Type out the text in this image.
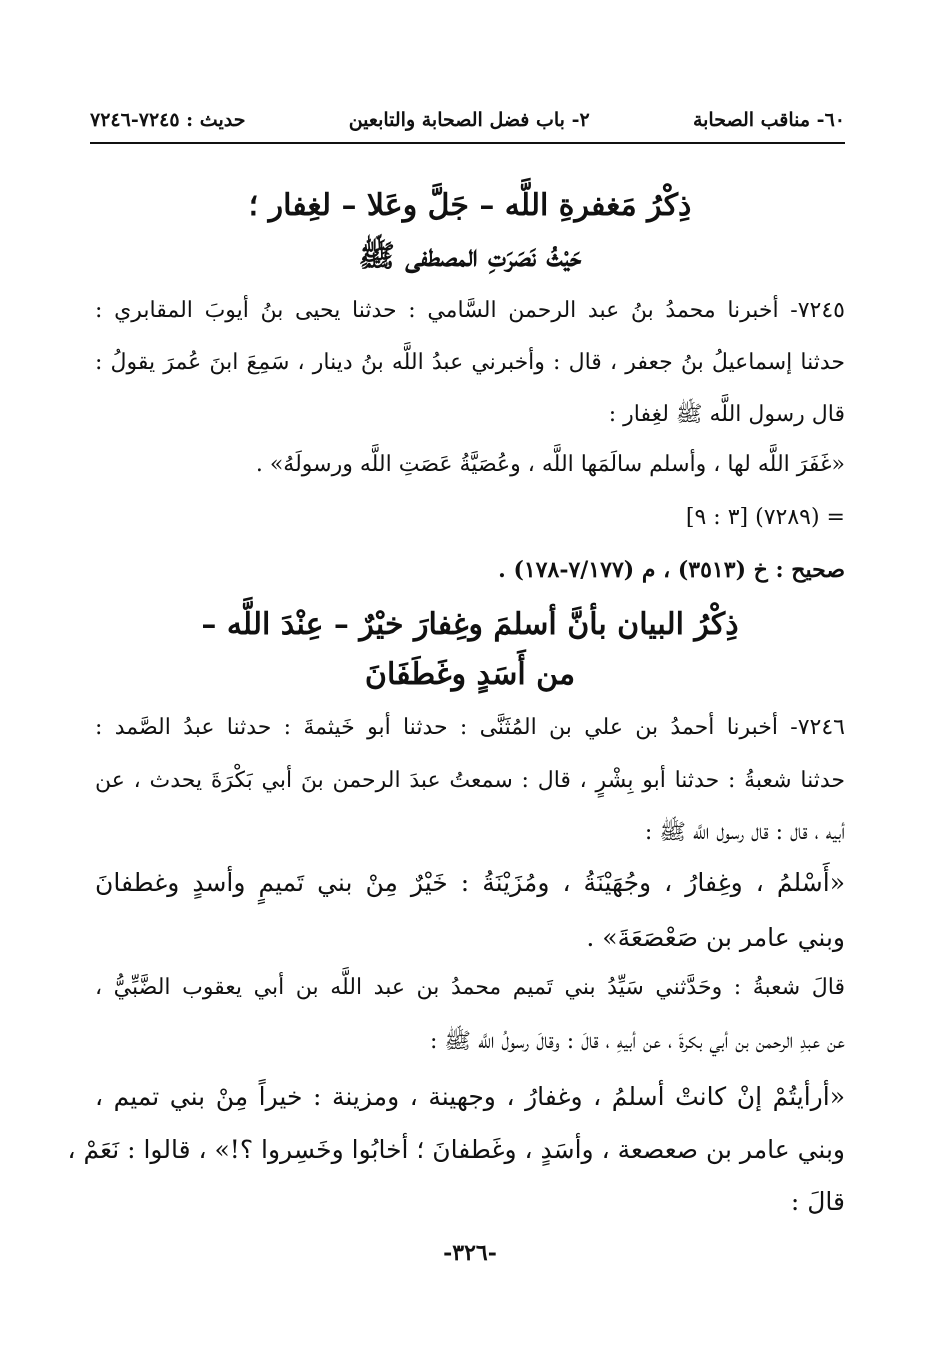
٦٠- مناقب الصحابة
٢- باب فضل الصحابة والتابعين
حديث : ٧٢٤٥-٧٢٤٦
ذِكْرُ مَغفرةِ اللَّه – جَلَّ وعَلا – لغِفار ؛
حَيْثُ نَصَرَتِ المصطفى ﷺ
٧٢٤٥- أخبرنا محمدُ بنُ عبد الرحمن السَّامي : حدثنا يحيى بنُ أيوبَ المقابري :
حدثنا إسماعيلُ بنُ جعفر ، قال : وأخبرني عبدُ اللَّه بنُ دينار ، سَمِعَ ابنَ عُمرَ يقولُ :
قال رسول اللَّه ﷺ لغِفار :
«غَفَرَ اللَّه لها ، وأسلم سالَمَها اللَّه ، وعُصَيَّةُ عَصَتِ اللَّه ورسولَهُ» .
= (٧٢٨٩) [٣ : ٩]
صحيح : خ (٣٥١٣) ، م (٧/١٧٧-١٧٨) .
ذِكْرُ البيان بأنَّ أسلمَ وغِفارَ خيْرٌ – عِنْدَ اللَّه –
من أَسَدٍ وغَطَفَانَ
٧٢٤٦- أخبرنا أحمدُ بن علي بن المُثَنَّى : حدثنا أبو خَيثمةَ : حدثنا عبدُ الصَّمد :
حدثنا شعبةُ : حدثنا أبو بِشْرٍ ، قال : سمعتُ عبدَ الرحمن بنَ أبي بَكْرَةَ يحدث ، عن
أبيه ، قال : قال رسول اللَّه ﷺ :
«أَسْلمُ ، وغِفارُ ، وجُهَيْنَةُ ، ومُزَيْنَةُ : خَيْرٌ مِنْ بني تَميمٍ وأسدٍ وغطفانَ
وبني عامر بن صَعْصَعَةَ» .
قالَ شعبةُ : وحَدَّثني سَيِّدُ بني تَميم محمدُ بن عبد اللَّه بن أبي يعقوب الضَّبِّيُّ ،
عن عبدِ الرحمن بن أبي بكرةَ ، عن أبيهِ ، قالَ : وقالَ رسولُ اللَّه ﷺ :
«أرأيتُمْ إنْ كانتْ أسلمُ ، وغفارُ ، وجهينة ، ومزينة : خيراً مِنْ بني تميم ،
وبني عامر بن صعصعة ، وأسَدٍ ، وغَطفانَ ؛ أخابُوا وخَسِروا ؟!» ، قالوا : نَعَمْ ،
قالَ :
-٣٢٦-
